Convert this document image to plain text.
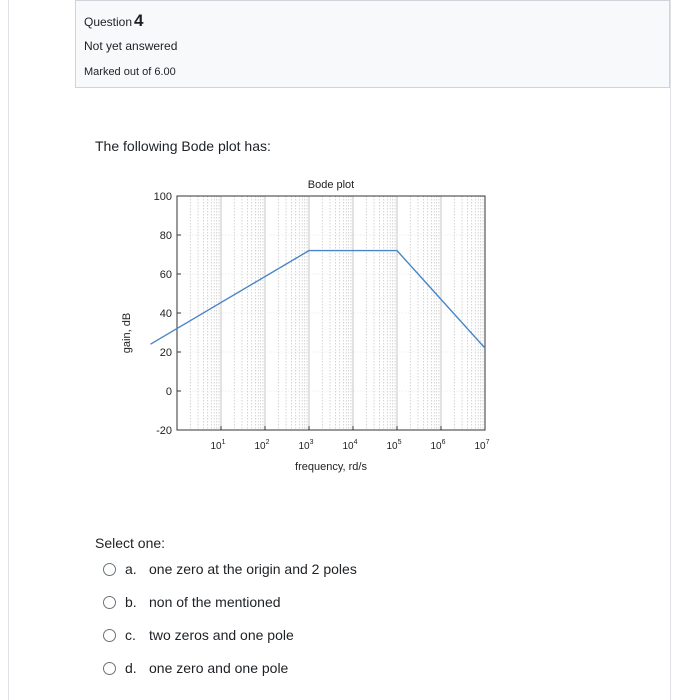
Question 4
Not yet answered
Marked out of 6.00
The following Bode plot has:
100
80
60
40
20
0
-20
$10^1$	$10^2$	$10^3$	$10^4$	$10^5$	$10^6$	$10^7$
Bode plot
frequency, rd/s
gain, dB
Select one:
a. one zero at the origin and 2 poles
b. non of the mentioned
c. two zeros and one pole
d. one zero and one pole
